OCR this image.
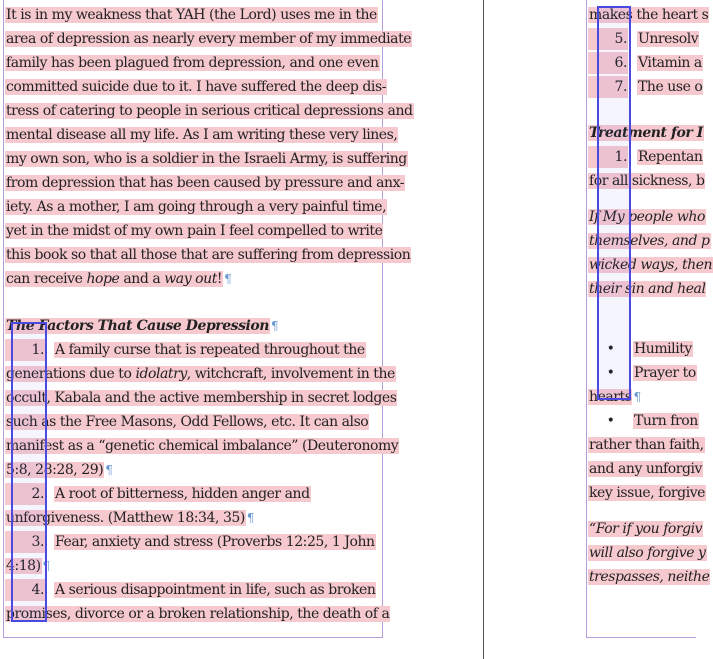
It is in my weakness that YAH (the Lord) uses me in the
area of depression as nearly every member of my immediate
family has been plagued from depression, and one even
committed suicide due to it. I have suffered the deep dis-
tress of catering to people in serious critical depressions and
mental disease all my life. As I am writing these very lines,
my own son, who is a soldier in the Israeli Army, is suffering
from depression that has been caused by pressure and anx-
iety. As a mother, I am going through a very painful time,
yet in the midst of my own pain I feel compelled to write
this book so that all those that are suffering from depression
can receive hope and a way out! ¶
The Factors That Cause Depression ¶
1. A family curse that is repeated throughout the
generations due to idolatry, witchcraft, involvement in the
occult, Kabala and the active membership in secret lodges
such as the Free Masons, Odd Fellows, etc. It can also
manifest as a “genetic chemical imbalance” (Deuteronomy
5:8, 28:28, 29) ¶
2. A root of bitterness, hidden anger and
unforgiveness. (Matthew 18:34, 35) ¶
3. Fear, anxiety and stress (Proverbs 12:25, 1 John
4:18) ¶
4. A serious disappointment in life, such as broken
promises, divorce or a broken relationship, the death of a
makes the heart s
5. Unresolv
6. Vitamin a
7. The use o
Treatment for I
1. Repentan
for all sickness, b
If My people who
themselves, and p
wicked ways, then
their sin and heal
• Humility
• Prayer to
hearts ¶
• Turn fron
rather than faith,
and any unforgiv
key issue, forgive
“For if you forgiv
will also forgive y
trespasses, neithe
